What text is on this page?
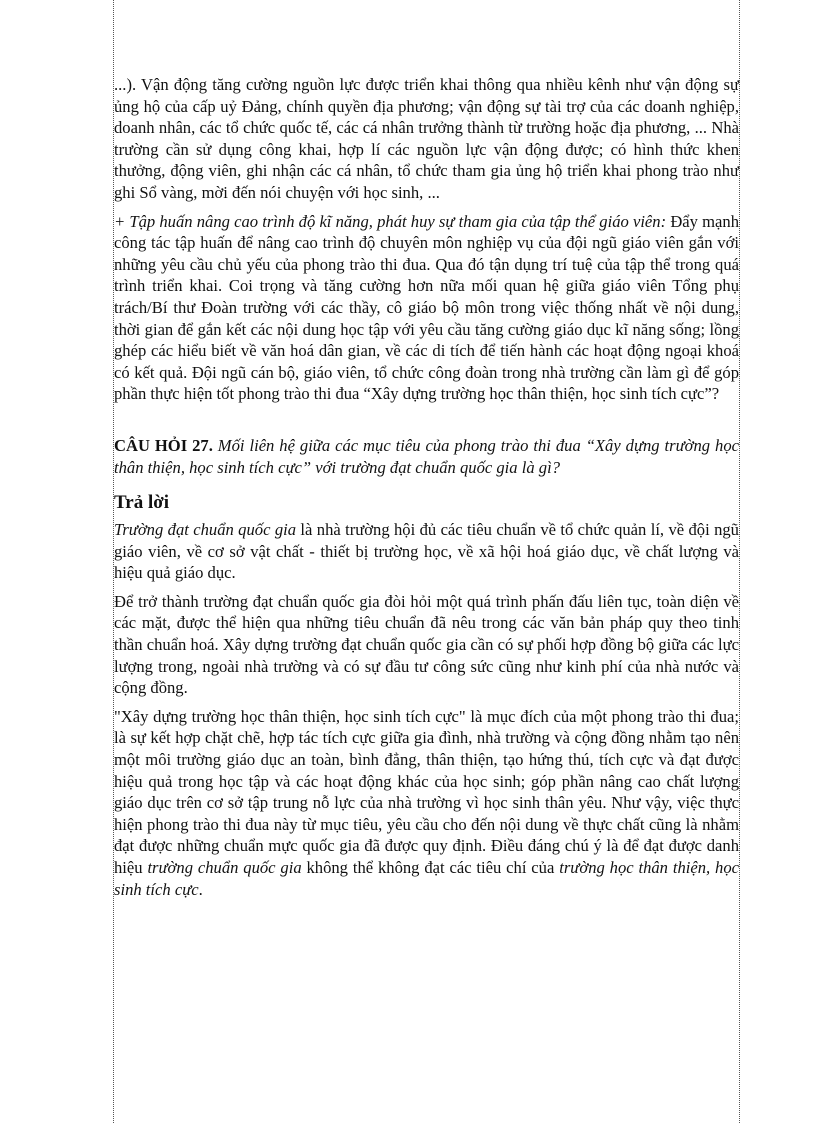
...). Vận động tăng cường nguồn lực được triển khai thông qua nhiều kênh như vận động sự ủng hộ của cấp uỷ Đảng, chính quyền địa phương; vận động sự tài trợ của các doanh nghiệp, doanh nhân, các tổ chức quốc tế, các cá nhân trưởng thành từ trường hoặc địa phương, ... Nhà trường cần sử dụng công khai, hợp lí các nguồn lực vận động được; có hình thức khen thưởng, động viên, ghi nhận các cá nhân, tổ chức tham gia ủng hộ triển khai phong trào như ghi Sổ vàng, mời đến nói chuyện với học sinh, ...

+ Tập huấn nâng cao trình độ kĩ năng, phát huy sự tham gia của tập thể giáo viên: Đẩy mạnh công tác tập huấn để nâng cao trình độ chuyên môn nghiệp vụ của đội ngũ giáo viên gắn với những yêu cầu chủ yếu của phong trào thi đua. Qua đó tận dụng trí tuệ của tập thể trong quá trình triển khai. Coi trọng và tăng cường hơn nữa mối quan hệ giữa giáo viên Tổng phụ trách/Bí thư Đoàn trường với các thầy, cô giáo bộ môn trong việc thống nhất về nội dung, thời gian để gắn kết các nội dung học tập với yêu cầu tăng cường giáo dục kĩ năng sống; lồng ghép các hiểu biết về văn hoá dân gian, về các di tích để tiến hành các hoạt động ngoại khoá có kết quả. Đội ngũ cán bộ, giáo viên, tổ chức công đoàn trong nhà trường cần làm gì để góp phần thực hiện tốt phong trào thi đua “Xây dựng trường học thân thiện, học sinh tích cực”?

CÂU HỎI 27. Mối liên hệ giữa các mục tiêu của phong trào thi đua “Xây dựng trường học thân thiện, học sinh tích cực” với trường đạt chuẩn quốc gia là gì?

Trả lời

Trường đạt chuẩn quốc gia là nhà trường hội đủ các tiêu chuẩn về tổ chức quản lí, về đội ngũ giáo viên, về cơ sở vật chất - thiết bị trường học, về xã hội hoá giáo dục, về chất lượng và hiệu quả giáo dục.

Để trở thành trường đạt chuẩn quốc gia đòi hỏi một quá trình phấn đấu liên tục, toàn diện về các mặt, được thể hiện qua những tiêu chuẩn đã nêu trong các văn bản pháp quy theo tinh thần chuẩn hoá. Xây dựng trường đạt chuẩn quốc gia cần có sự phối hợp đồng bộ giữa các lực lượng trong, ngoài nhà trường và có sự đầu tư công sức cũng như kinh phí của nhà nước và cộng đồng.

"Xây dựng trường học thân thiện, học sinh tích cực" là mục đích của một phong trào thi đua; là sự kết hợp chặt chẽ, hợp tác tích cực giữa gia đình, nhà trường và cộng đồng nhằm tạo nên một môi trường giáo dục an toàn, bình đẳng, thân thiện, tạo hứng thú, tích cực và đạt được hiệu quả trong học tập và các hoạt động khác của học sinh; góp phần nâng cao chất lượng giáo dục trên cơ sở tập trung nỗ lực của nhà trường vì học sinh thân yêu. Như vậy, việc thực hiện phong trào thi đua này từ mục tiêu, yêu cầu cho đến nội dung về thực chất cũng là nhằm đạt được những chuẩn mực quốc gia đã được quy định. Điều đáng chú ý là để đạt được danh hiệu trường chuẩn quốc gia không thể không đạt các tiêu chí của trường học thân thiện, học sinh tích cực.
